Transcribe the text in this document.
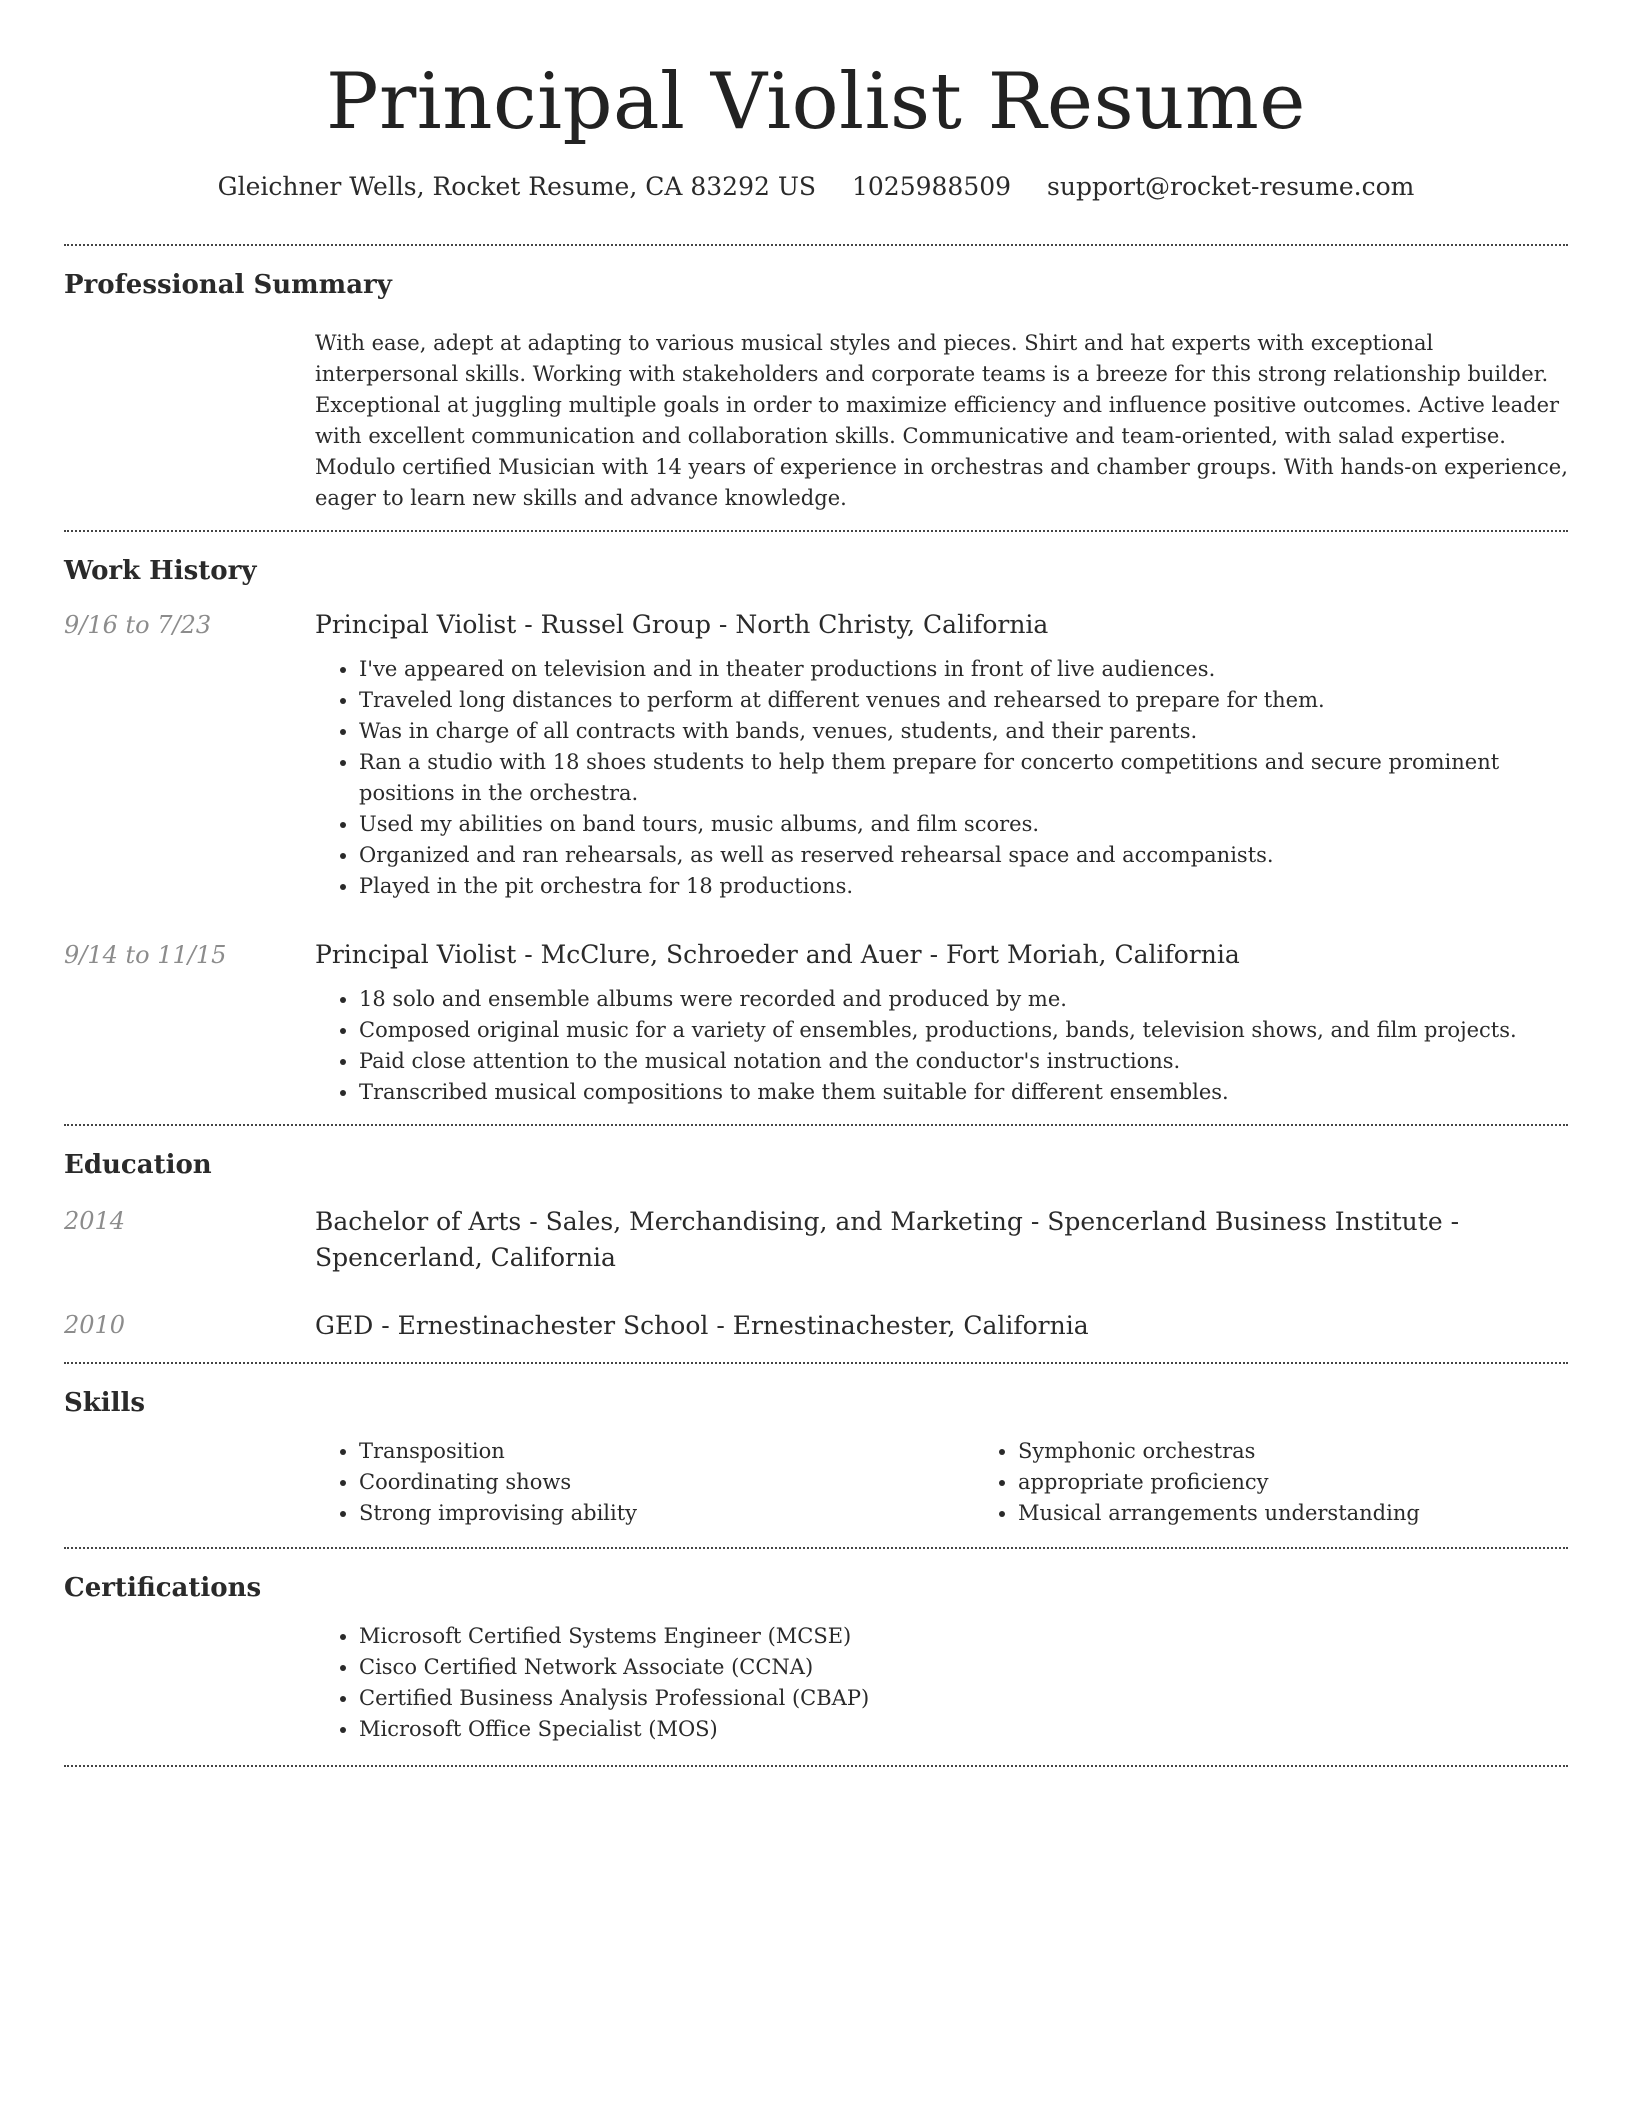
Principal Violist Resume
Gleichner Wells, Rocket Resume, CA 83292 US 1025988509 support@rocket-resume.com
Professional Summary
With ease, adept at adapting to various musical styles and pieces. Shirt and hat experts with exceptional interpersonal skills. Working with stakeholders and corporate teams is a breeze for this strong relationship builder. Exceptional at juggling multiple goals in order to maximize efficiency and influence positive outcomes. Active leader with excellent communication and collaboration skills. Communicative and team-oriented, with salad expertise. Modulo certified Musician with 14 years of experience in orchestras and chamber groups. With hands-on experience, eager to learn new skills and advance knowledge.
Work History
9/16 to 7/23	Principal Violist - Russel Group - North Christy, California
• I've appeared on television and in theater productions in front of live audiences.
• Traveled long distances to perform at different venues and rehearsed to prepare for them.
• Was in charge of all contracts with bands, venues, students, and their parents.
• Ran a studio with 18 shoes students to help them prepare for concerto competitions and secure prominent positions in the orchestra.
• Used my abilities on band tours, music albums, and film scores.
• Organized and ran rehearsals, as well as reserved rehearsal space and accompanists.
• Played in the pit orchestra for 18 productions.
9/14 to 11/15	Principal Violist - McClure, Schroeder and Auer - Fort Moriah, California
• 18 solo and ensemble albums were recorded and produced by me.
• Composed original music for a variety of ensembles, productions, bands, television shows, and film projects.
• Paid close attention to the musical notation and the conductor's instructions.
• Transcribed musical compositions to make them suitable for different ensembles.
Education
2014	Bachelor of Arts - Sales, Merchandising, and Marketing - Spencerland Business Institute - Spencerland, California
2010	GED - Ernestinachester School - Ernestinachester, California
Skills
• Transposition
• Coordinating shows
• Strong improvising ability
• Symphonic orchestras
• appropriate proficiency
• Musical arrangements understanding
Certifications
• Microsoft Certified Systems Engineer (MCSE)
• Cisco Certified Network Associate (CCNA)
• Certified Business Analysis Professional (CBAP)
• Microsoft Office Specialist (MOS)
